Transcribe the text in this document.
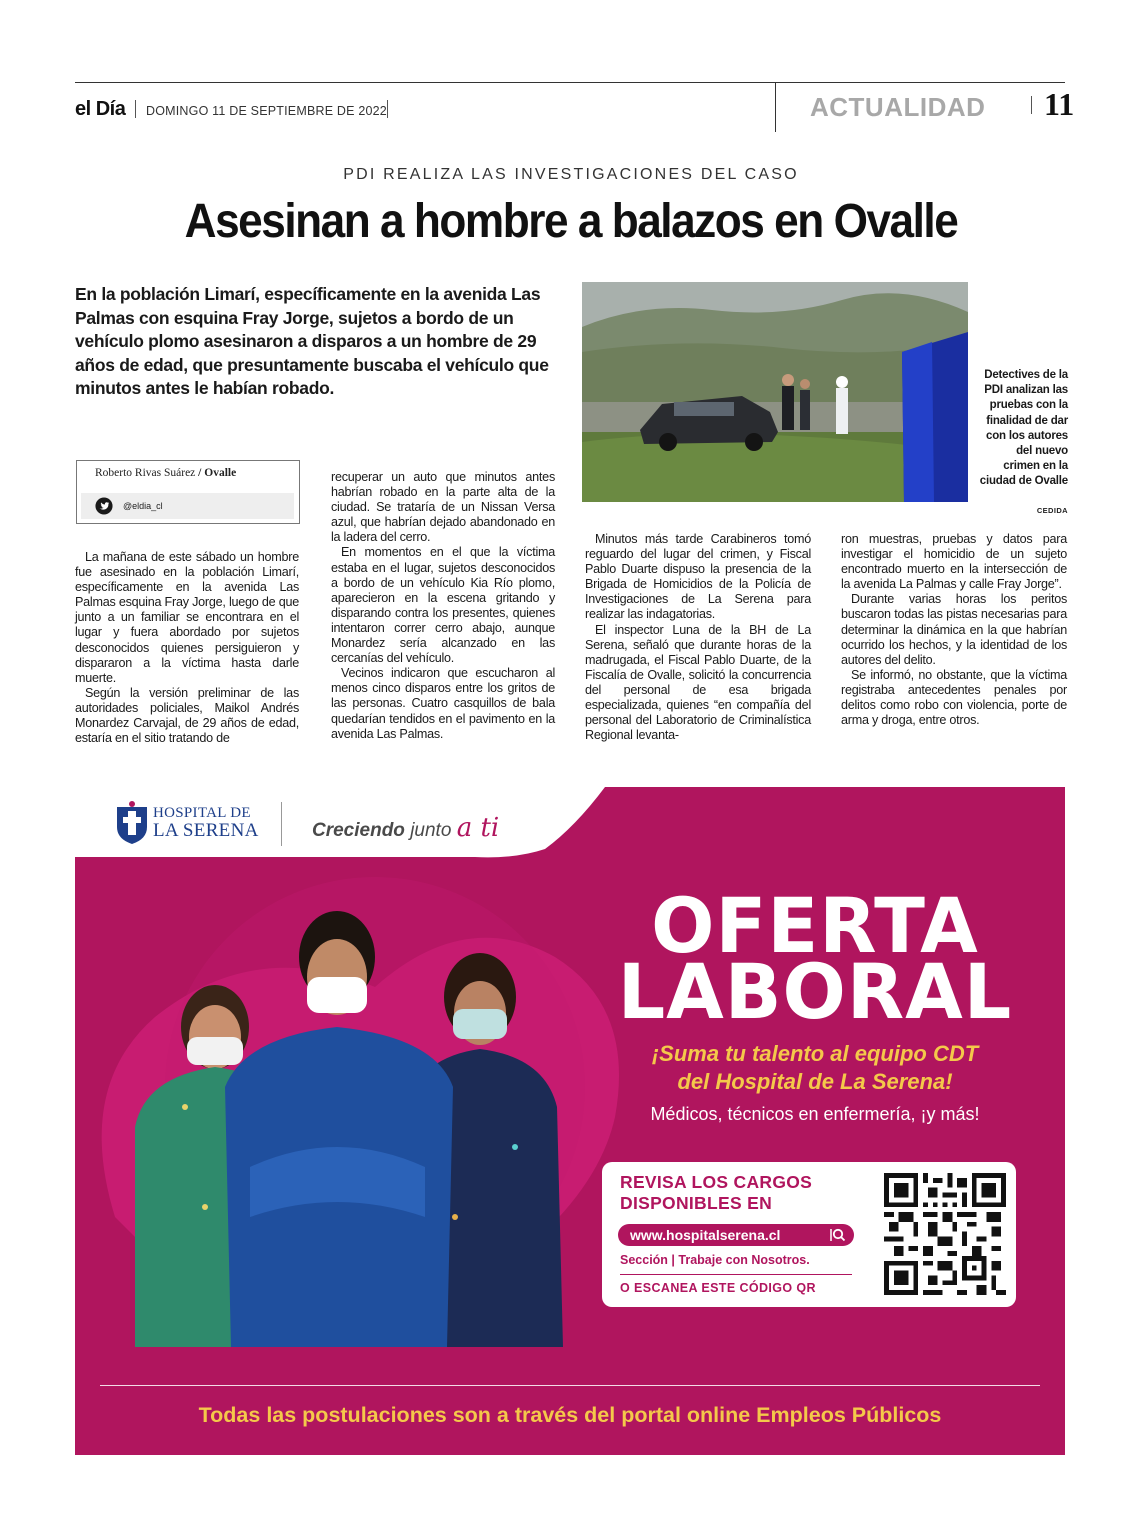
el Día DOMINGO 11 DE SEPTIEMBRE DE 2022	ACTUALIDAD 11
PDI REALIZA LAS INVESTIGACIONES DEL CASO
Asesinan a hombre a balazos en Ovalle
En la población Limarí, específicamente en la avenida Las Palmas con esquina Fray Jorge, sujetos a bordo de un vehículo plomo asesinaron a disparos a un hombre de 29 años de edad, que presuntamente buscaba el vehículo que minutos antes le habían robado.
Detectives de la PDI analizan las pruebas con la finalidad de dar con los autores del nuevo crimen en la ciudad de Ovalle
CEDIDA
Roberto Rivas Suárez / Ovalle
@eldia_cl

La mañana de este sábado un hombre fue asesinado en la población Limarí, específicamente en la avenida Las Palmas esquina Fray Jorge, luego de que junto a un familiar se encontrara en el lugar y fuera abordado por sujetos desconocidos quienes persiguieron y dispararon a la víctima hasta darle muerte.

Según la versión preliminar de las autoridades policiales, Maikol Andrés Monardez Carvajal, de 29 años de edad, estaría en el sitio tratando de

recuperar un auto que minutos antes habrían robado en la parte alta de la ciudad. Se trataría de un Nissan Versa azul, que habrían dejado abandonado en la ladera del cerro.

En momentos en el que la víctima estaba en el lugar, sujetos desconocidos a bordo de un vehículo Kia Río plomo, aparecieron en la escena gritando y disparando contra los presentes, quienes intentaron correr cerro abajo, aunque Monardez sería alcanzado en las cercanías del vehículo.

Vecinos indicaron que escucharon al menos cinco disparos entre los gritos de las personas. Cuatro casquillos de bala quedarían tendidos en el pavimento en la avenida Las Palmas.

Minutos más tarde Carabineros tomó reguardo del lugar del crimen, y Fiscal Pablo Duarte dispuso la presencia de la Brigada de Homicidios de la Policía de Investigaciones de La Serena para realizar las indagatorias.

El inspector Luna de la BH de La Serena, señaló que durante horas de la madrugada, el Fiscal Pablo Duarte, de la Fiscalía de Ovalle, solicitó la concurrencia del personal de esa brigada especializada, quienes “en compañía del personal del Laboratorio de Criminalística Regional levanta-

ron muestras, pruebas y datos para investigar el homicidio de un sujeto encontrado muerto en la intersección de la avenida La Palmas y calle Fray Jorge”.

Durante varias horas los peritos buscaron todas las pistas necesarias para determinar la dinámica en la que habrían ocurrido los hechos, y la identidad de los autores del delito.

Se informó, no obstante, que la víctima registraba antecedentes penales por delitos como robo con violencia, porte de arma y droga, entre otros.

REVISA LOS CARGOS
DISPONIBLES EN
www.hospitalserena.cl
Sección | Trabaje con Nosotros.
O ESCANEA ESTE CÓDIGO QR
HOSPITAL DE
LA SERENA	Creciendo junto a ti
OFERTA
LABORAL
¡Suma tu talento al equipo CDT
del Hospital de La Serena!
Médicos, técnicos en enfermería, ¡y más!
Todas las postulaciones son a través del portal online Empleos Públicos
